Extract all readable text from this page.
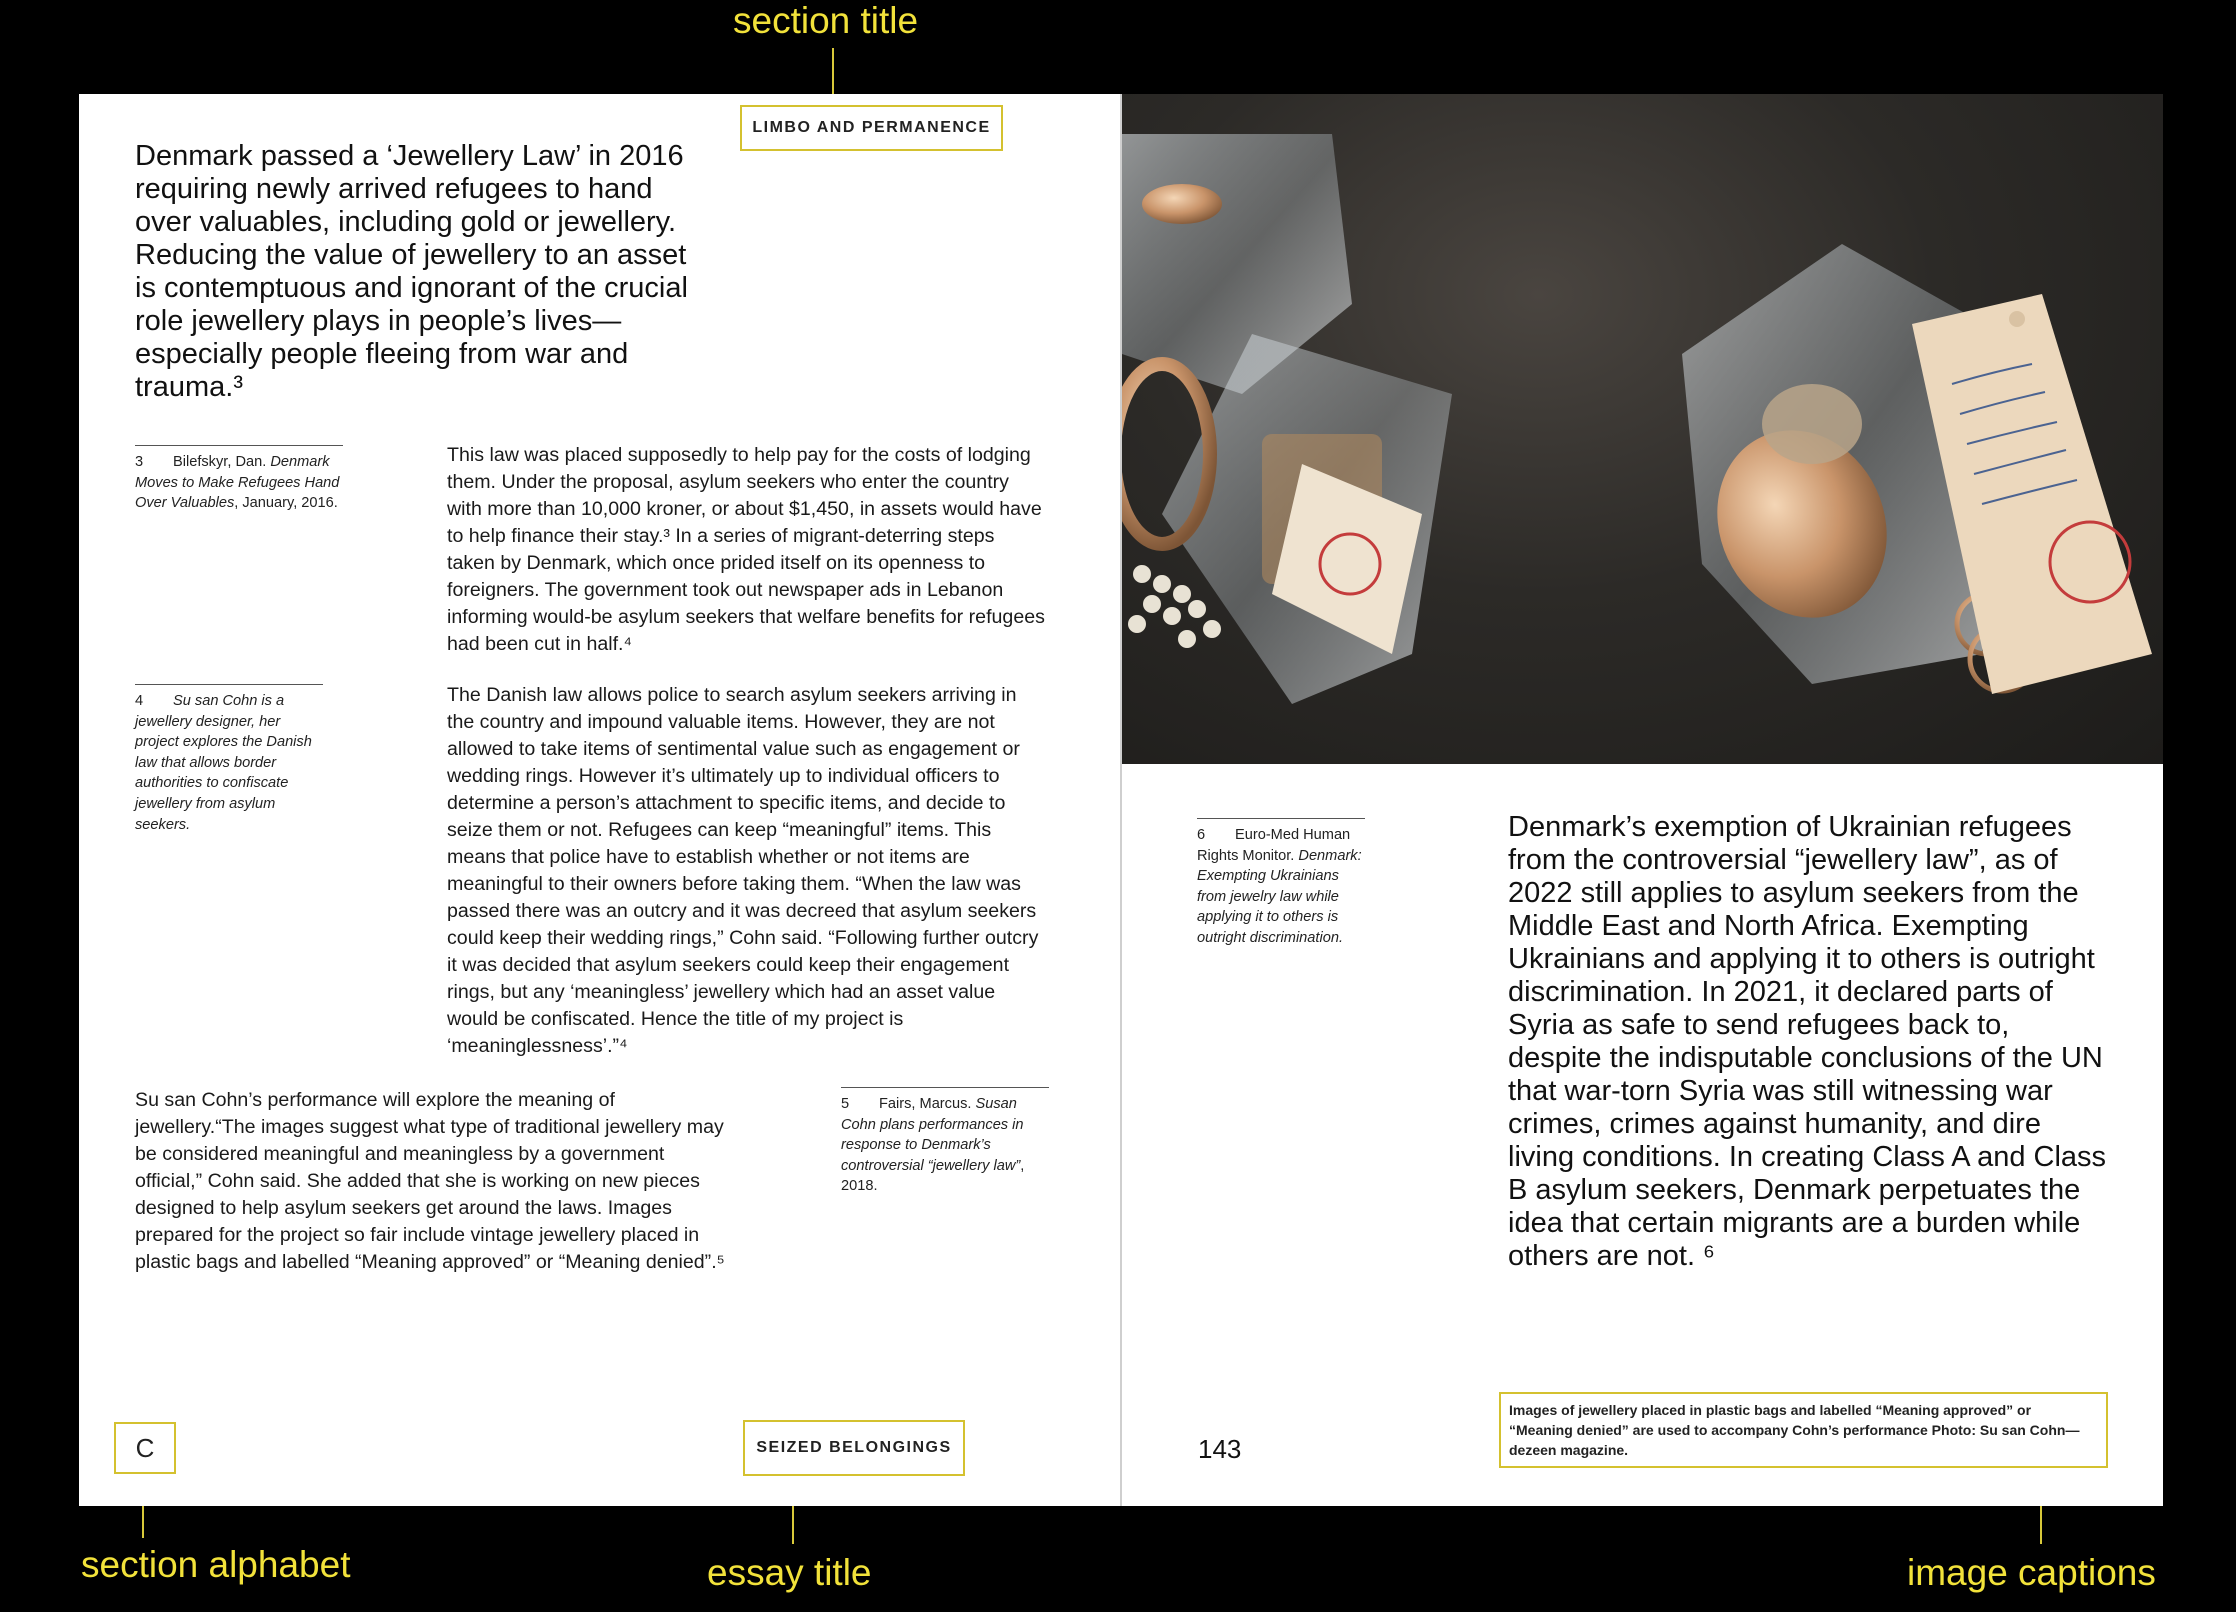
section title
section alphabet	essay title	image captions
LIMBO AND PERMANENCE
Denmark passed a ‘Jewellery Law’ in 2016 requiring newly arrived refugees to hand over valuables, including gold or jewellery. Reducing the value of jewellery to an asset is contemptuous and ignorant of the crucial role jewellery plays in people’s lives—especially people fleeing from war and trauma.³
3 Bilefskyr, Dan. Denmark Moves to Make Refugees Hand Over Valuables, January, 2016.
This law was placed supposedly to help pay for the costs of lodging them. Under the proposal, asylum seekers who enter the country with more than 10,000 kroner, or about $1,450, in assets would have to help finance their stay.³ In a series of migrant-deterring steps taken by Denmark, which once prided itself on its openness to foreigners. The government took out newspaper ads in Lebanon informing would-be asylum seekers that welfare benefits for refugees had been cut in half.⁴
4 Su san Cohn is a jewellery designer, her project explores the Danish law that allows border authorities to confiscate jewellery from asylum seekers.
The Danish law allows police to search asylum seekers arriving in the country and impound valuable items. However, they are not allowed to take items of sentimental value such as engagement or wedding rings. However it’s ultimately up to individual officers to determine a person’s attachment to specific items, and decide to seize them or not. Refugees can keep “meaningful” items. This means that police have to establish whether or not items are meaningful to their owners before taking them. “When the law was passed there was an outcry and it was decreed that asylum seekers could keep their wedding rings,” Cohn said. “Following further outcry it was decided that asylum seekers could keep their engagement rings, but any ‘meaningless’ jewellery which had an asset value would be confiscated. Hence the title of my project is ‘meaninglessness’.”⁴
Su san Cohn’s performance will explore the meaning of jewellery.“The images suggest what type of traditional jewellery may be considered meaningful and meaningless by a government official,” Cohn said. She added that she is working on new pieces designed to help asylum seekers get around the laws. Images prepared for the project so fair include vintage jewellery placed in plastic bags and labelled “Meaning approved” or “Meaning denied”.⁵
5 Fairs, Marcus. Susan Cohn plans performances in response to Denmark’s controversial “jewellery law”, 2018.
C	SEIZED BELONGINGS
6 Euro-Med Human Rights Monitor. Denmark: Exempting Ukrainians from jewelry law while applying it to others is outright discrimination.
Denmark’s exemption of Ukrainian refugees from the controversial “jewellery law”, as of 2022 still applies to asylum seekers from the Middle East and North Africa. Exempting Ukrainians and applying it to others is outright discrimination. In 2021, it declared parts of Syria as safe to send refugees back to, despite the indisputable conclusions of the UN that war-torn Syria was still witnessing war crimes, crimes against humanity, and dire living conditions. In creating Class A and Class B asylum seekers, Denmark perpetuates the idea that certain migrants are a burden while others are not. ⁶
143
Images of jewellery placed in plastic bags and labelled “Meaning approved” or “Meaning denied” are used to accompany Cohn’s performance Photo: Su san Cohn—dezeen magazine.
